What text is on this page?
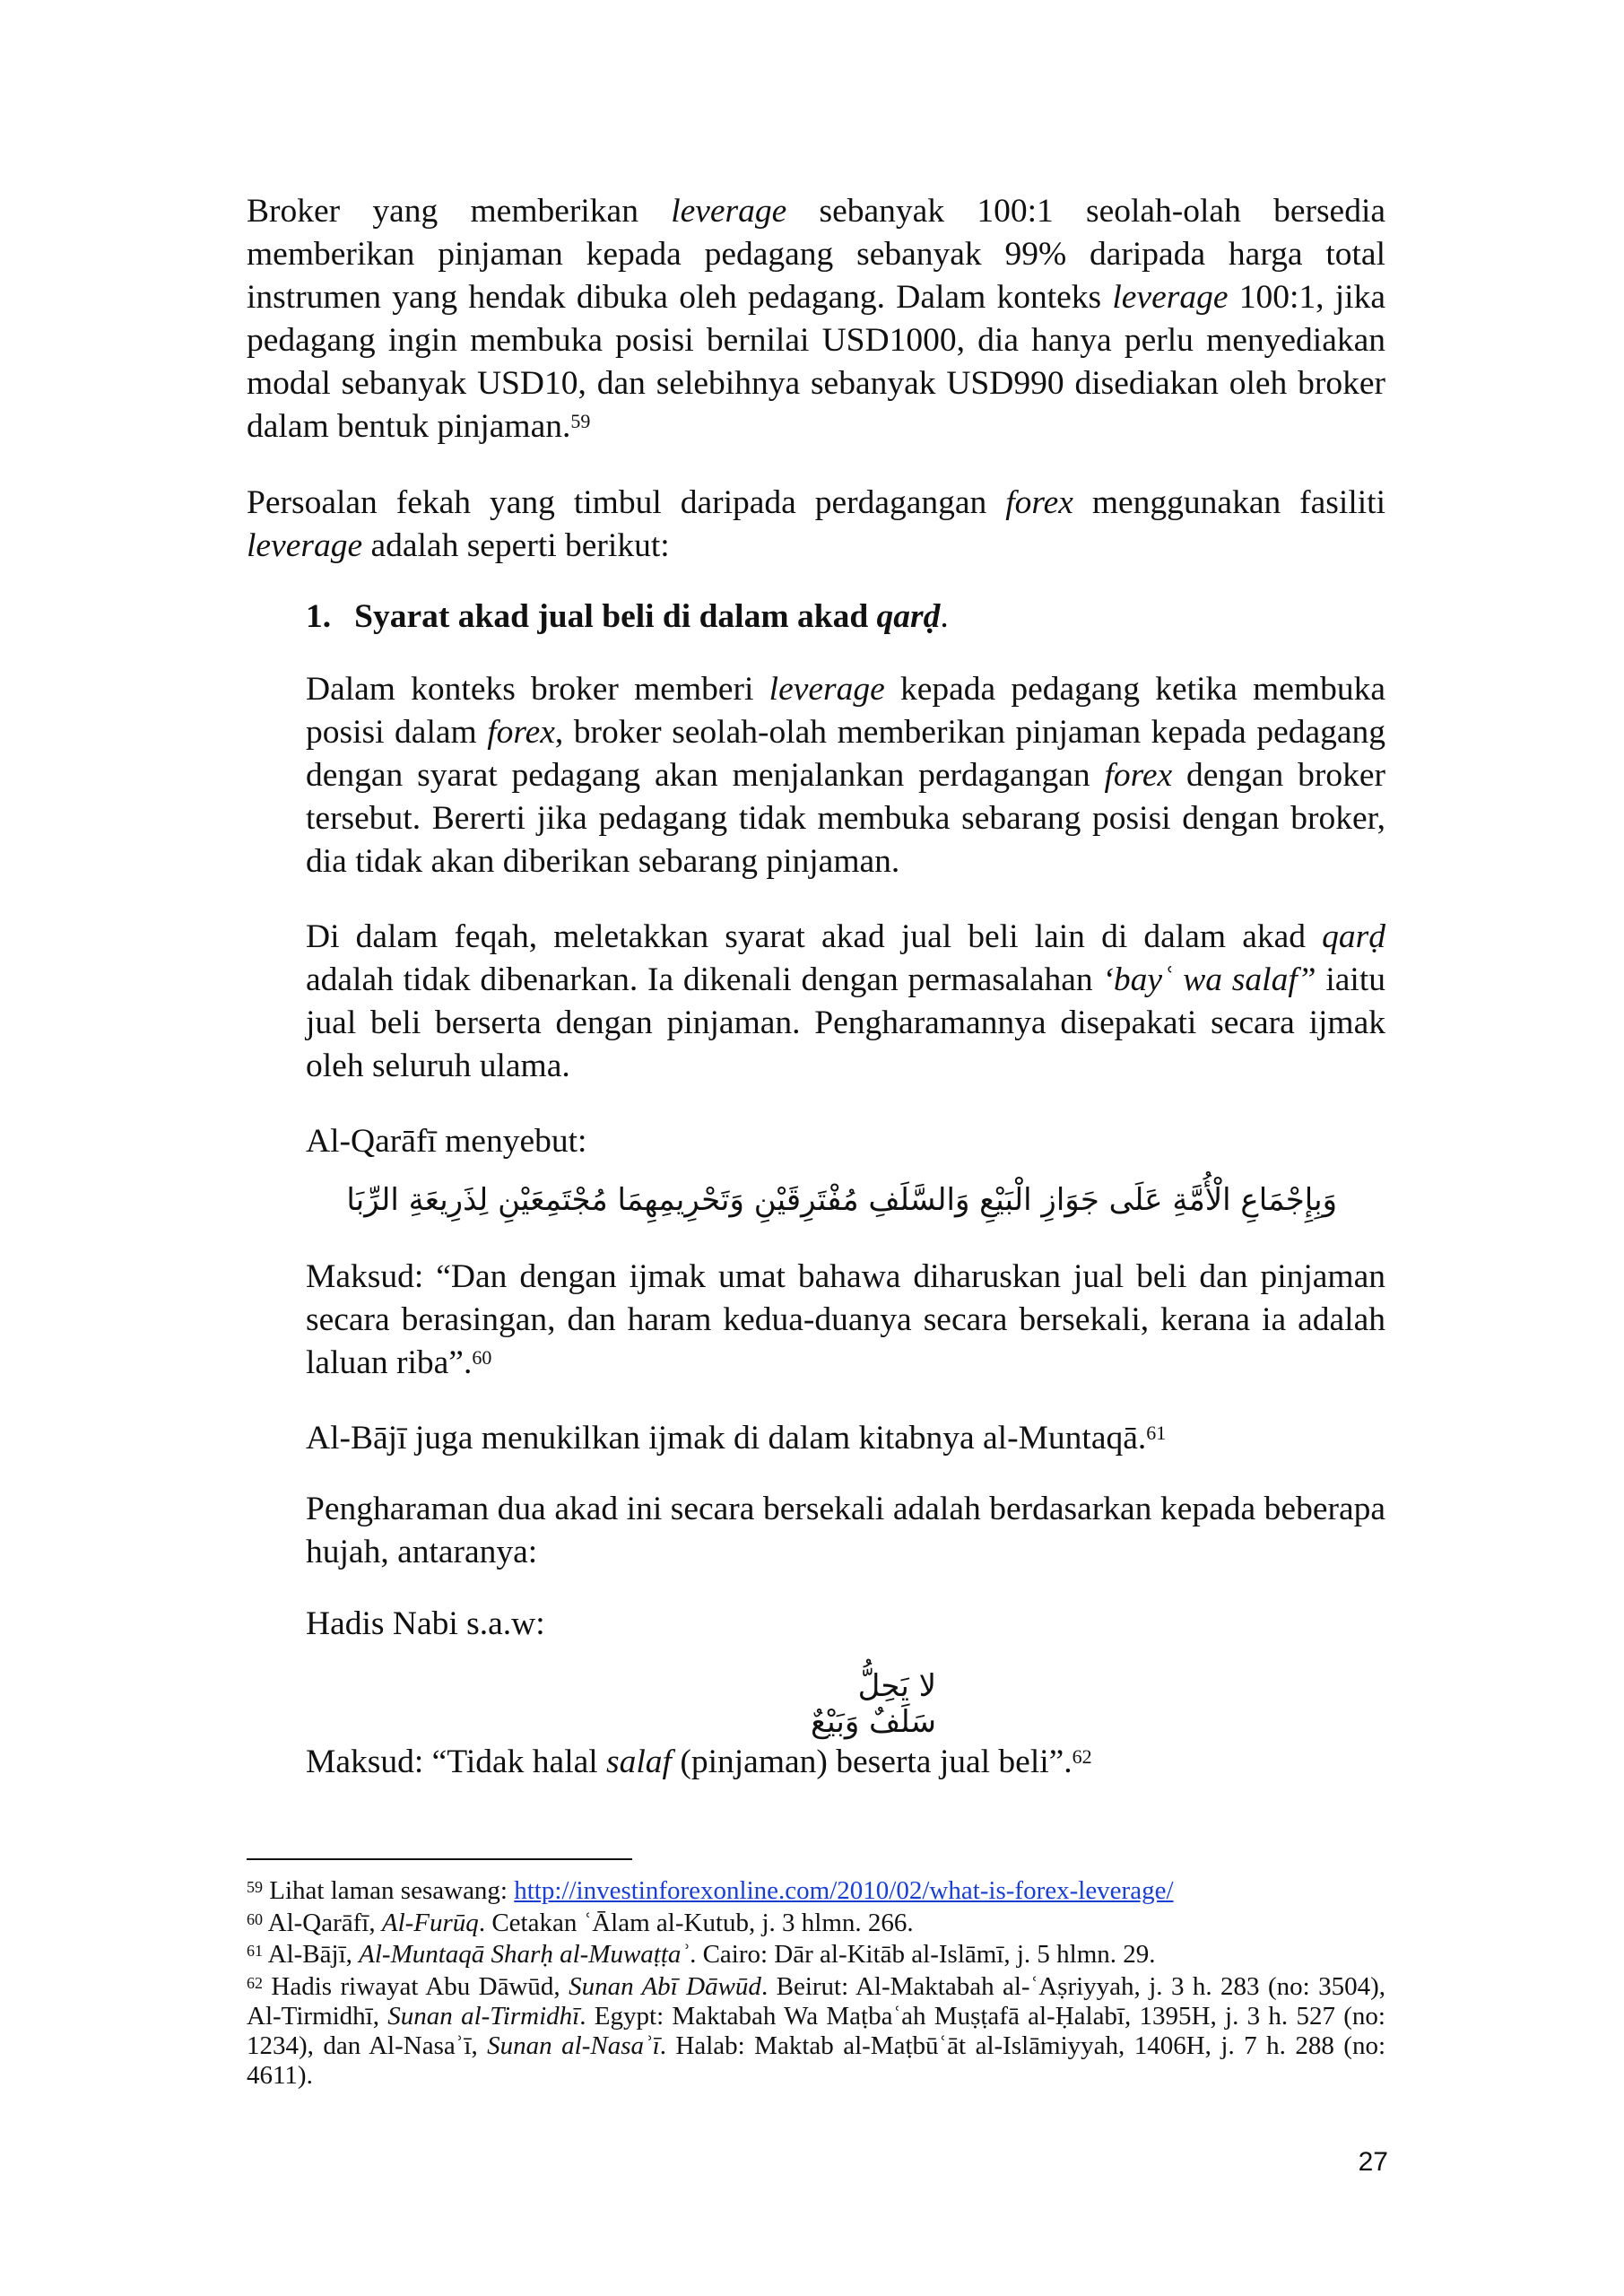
Broker yang memberikan leverage sebanyak 100:1 seolah-olah bersedia memberikan pinjaman kepada pedagang sebanyak 99% daripada harga total instrumen yang hendak dibuka oleh pedagang. Dalam konteks leverage 100:1, jika pedagang ingin membuka posisi bernilai USD1000, dia hanya perlu menyediakan modal sebanyak USD10, dan selebihnya sebanyak USD990 disediakan oleh broker dalam bentuk pinjaman.$^{59}$

Persoalan fekah yang timbul daripada perdagangan forex menggunakan fasiliti leverage adalah seperti berikut:

1. Syarat akad jual beli di dalam akad qarḍ.

Dalam konteks broker memberi leverage kepada pedagang ketika membuka posisi dalam forex, broker seolah-olah memberikan pinjaman kepada pedagang dengan syarat pedagang akan menjalankan perdagangan forex dengan broker tersebut. Bererti jika pedagang tidak membuka sebarang posisi dengan broker, dia tidak akan diberikan sebarang pinjaman.

Di dalam feqah, meletakkan syarat akad jual beli lain di dalam akad qarḍ adalah tidak dibenarkan. Ia dikenali dengan permasalahan ‘bayʿ wa salaf” iaitu jual beli berserta dengan pinjaman. Pengharamannya disepakati secara ijmak oleh seluruh ulama.

Al-Qarāfī menyebut:
وَبِإِجْمَاعِ الْأُمَّةِ عَلَى جَوَازِ الْبَيْعِ وَالسَّلَفِ مُفْتَرِقَيْنِ وَتَحْرِيمِهِمَا مُجْتَمِعَيْنِ لِذَرِيعَةِ الرِّبَا

Maksud: “Dan dengan ijmak umat bahawa diharuskan jual beli dan pinjaman secara berasingan, dan haram kedua-duanya secara bersekali, kerana ia adalah laluan riba”.$^{60}$

Al-Bājī juga menukilkan ijmak di dalam kitabnya al-Muntaqā.$^{61}$

Pengharaman dua akad ini secara bersekali adalah berdasarkan kepada beberapa hujah, antaranya:

Hadis Nabi s.a.w:
لا يَحِلُّ سَلَفٌ وَبَيْعٌ
Maksud: “Tidak halal salaf (pinjaman) beserta jual beli”.$^{62}$
$^{59}$ Lihat laman sesawang: http://investinforexonline.com/2010/02/what-is-forex-leverage/
$^{60}$ Al-Qarāfī, Al-Furūq. Cetakan ʿĀlam al-Kutub, j. 3 hlmn. 266.
$^{61}$ Al-Bājī, Al-Muntaqā Sharḥ al-Muwaṭṭaʾ. Cairo: Dār al-Kitāb al-Islāmī, j. 5 hlmn. 29.
$^{62}$ Hadis riwayat Abu Dāwūd, Sunan Abī Dāwūd. Beirut: Al-Maktabah al-ʿAṣriyyah, j. 3 h. 283 (no: 3504), Al-Tirmidhī, Sunan al-Tirmidhī. Egypt: Maktabah Wa Maṭbaʿah Muṣṭafā al-Ḥalabī, 1395H, j. 3 h. 527 (no: 1234), dan Al-Nasaʾī, Sunan al-Nasaʾī. Halab: Maktab al-Maṭbūʿāt al-Islāmiyyah, 1406H, j. 7 h. 288 (no: 4611).
27
